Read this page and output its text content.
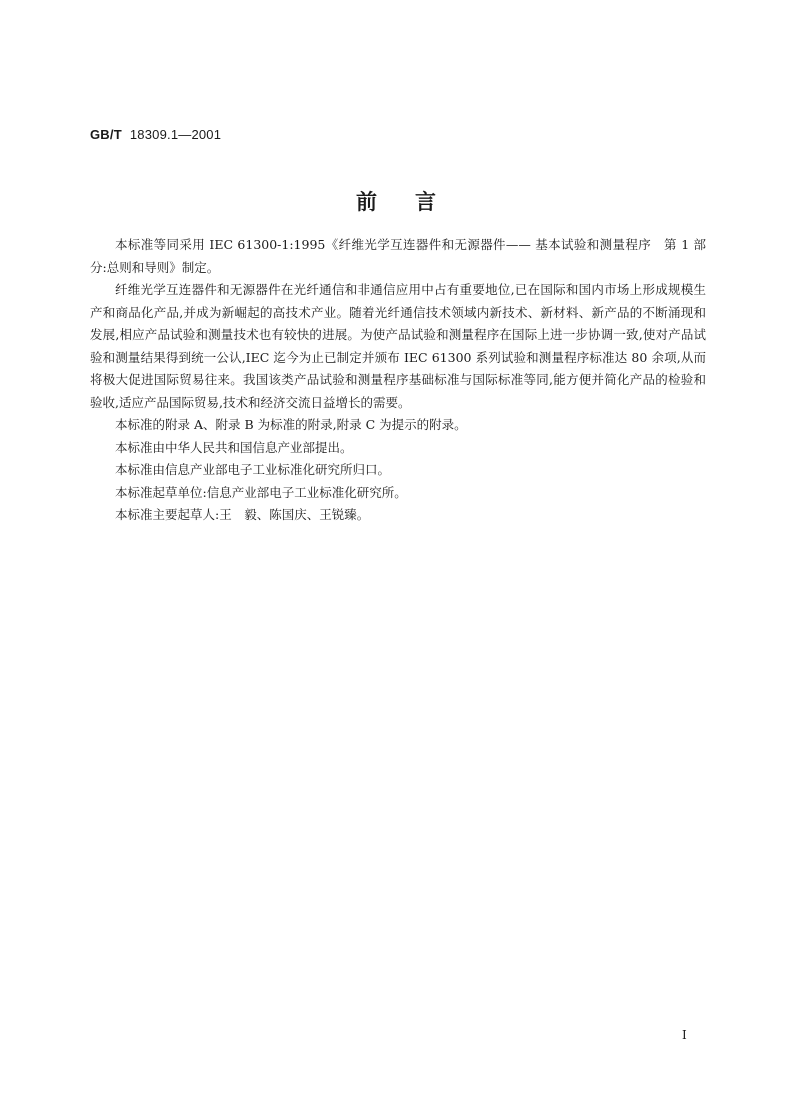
GB/T 18309.1—2001
前言

本标准等同采用 IEC 61300-1:1995《纤维光学互连器件和无源器件—— 基本试验和测量程序　第 1 部分:总则和导则》制定。

纤维光学互连器件和无源器件在光纤通信和非通信应用中占有重要地位,已在国际和国内市场上形成规模生产和商品化产品,并成为新崛起的高技术产业。随着光纤通信技术领域内新技术、新材料、新产品的不断涌现和发展,相应产品试验和测量技术也有较快的进展。为使产品试验和测量程序在国际上进一步协调一致,使对产品试验和测量结果得到统一公认,IEC 迄今为止已制定并颁布 IEC 61300 系列试验和测量程序标准达 80 余项,从而将极大促进国际贸易往来。我国该类产品试验和测量程序基础标准与国际标准等同,能方便并简化产品的检验和验收,适应产品国际贸易,技术和经济交流日益增长的需要。

本标准的附录 A、附录 B 为标准的附录,附录 C 为提示的附录。

本标准由中华人民共和国信息产业部提出。

本标准由信息产业部电子工业标准化研究所归口。

本标准起草单位:信息产业部电子工业标准化研究所。

本标准主要起草人:王　毅、陈国庆、王锐臻。

I
